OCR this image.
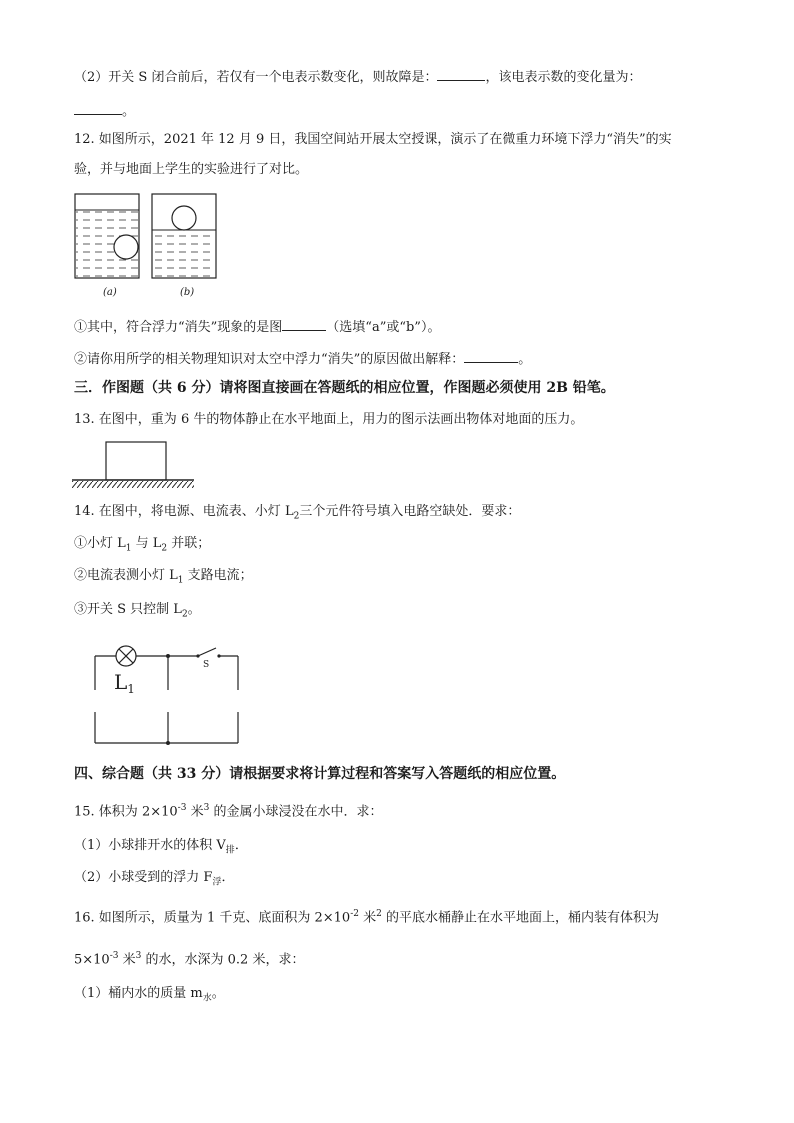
（2）开关 S 闭合前后，若仅有一个电表示数变化，则故障是：	，该电表示数的变化量为：
。
12. 如图所示，2021 年 12 月 9 日，我国空间站开展太空授课，演示了在微重力环境下浮力“消失”的实
验，并与地面上学生的实验进行了对比。
(a)	(b)
①其中，符合浮力“消失”现象的是图	（选填“a”或“b”）。
②请你用所学的相关物理知识对太空中浮力“消失”的原因做出解释：	。
三．作图题（共 6 分）请将图直接画在答题纸的相应位置，作图题必须使用 2B 铅笔。
13. 在图中，重为 6 牛的物体静止在水平地面上，用力的图示法画出物体对地面的压力。
14. 在图中，将电源、电流表、小灯 $L_2$三个元件符号填入电路空缺处．要求：
①小灯 $L_1$ 与 $L_2$ 并联；
②电流表测小灯 $L_1$ 支路电流；
③开关 S 只控制 $L_2$。
S
$L_1$
四、综合题（共 33 分）请根据要求将计算过程和答案写入答题纸的相应位置。
15. 体积为 $2\times 10^{-3}$ 米$^3$ 的金属小球浸没在水中．求：
（1）小球排开水的体积 $V_排$．
（2）小球受到的浮力 $F_浮$．
16. 如图所示，质量为 1 千克、底面积为 $2\times 10^{-2}$ 米$^2$ 的平底水桶静止在水平地面上，桶内装有体积为
$5\times 10^{-3}$ 米$^3$ 的水，水深为 0.2 米，求：
（1）桶内水的质量 $m_水$。
